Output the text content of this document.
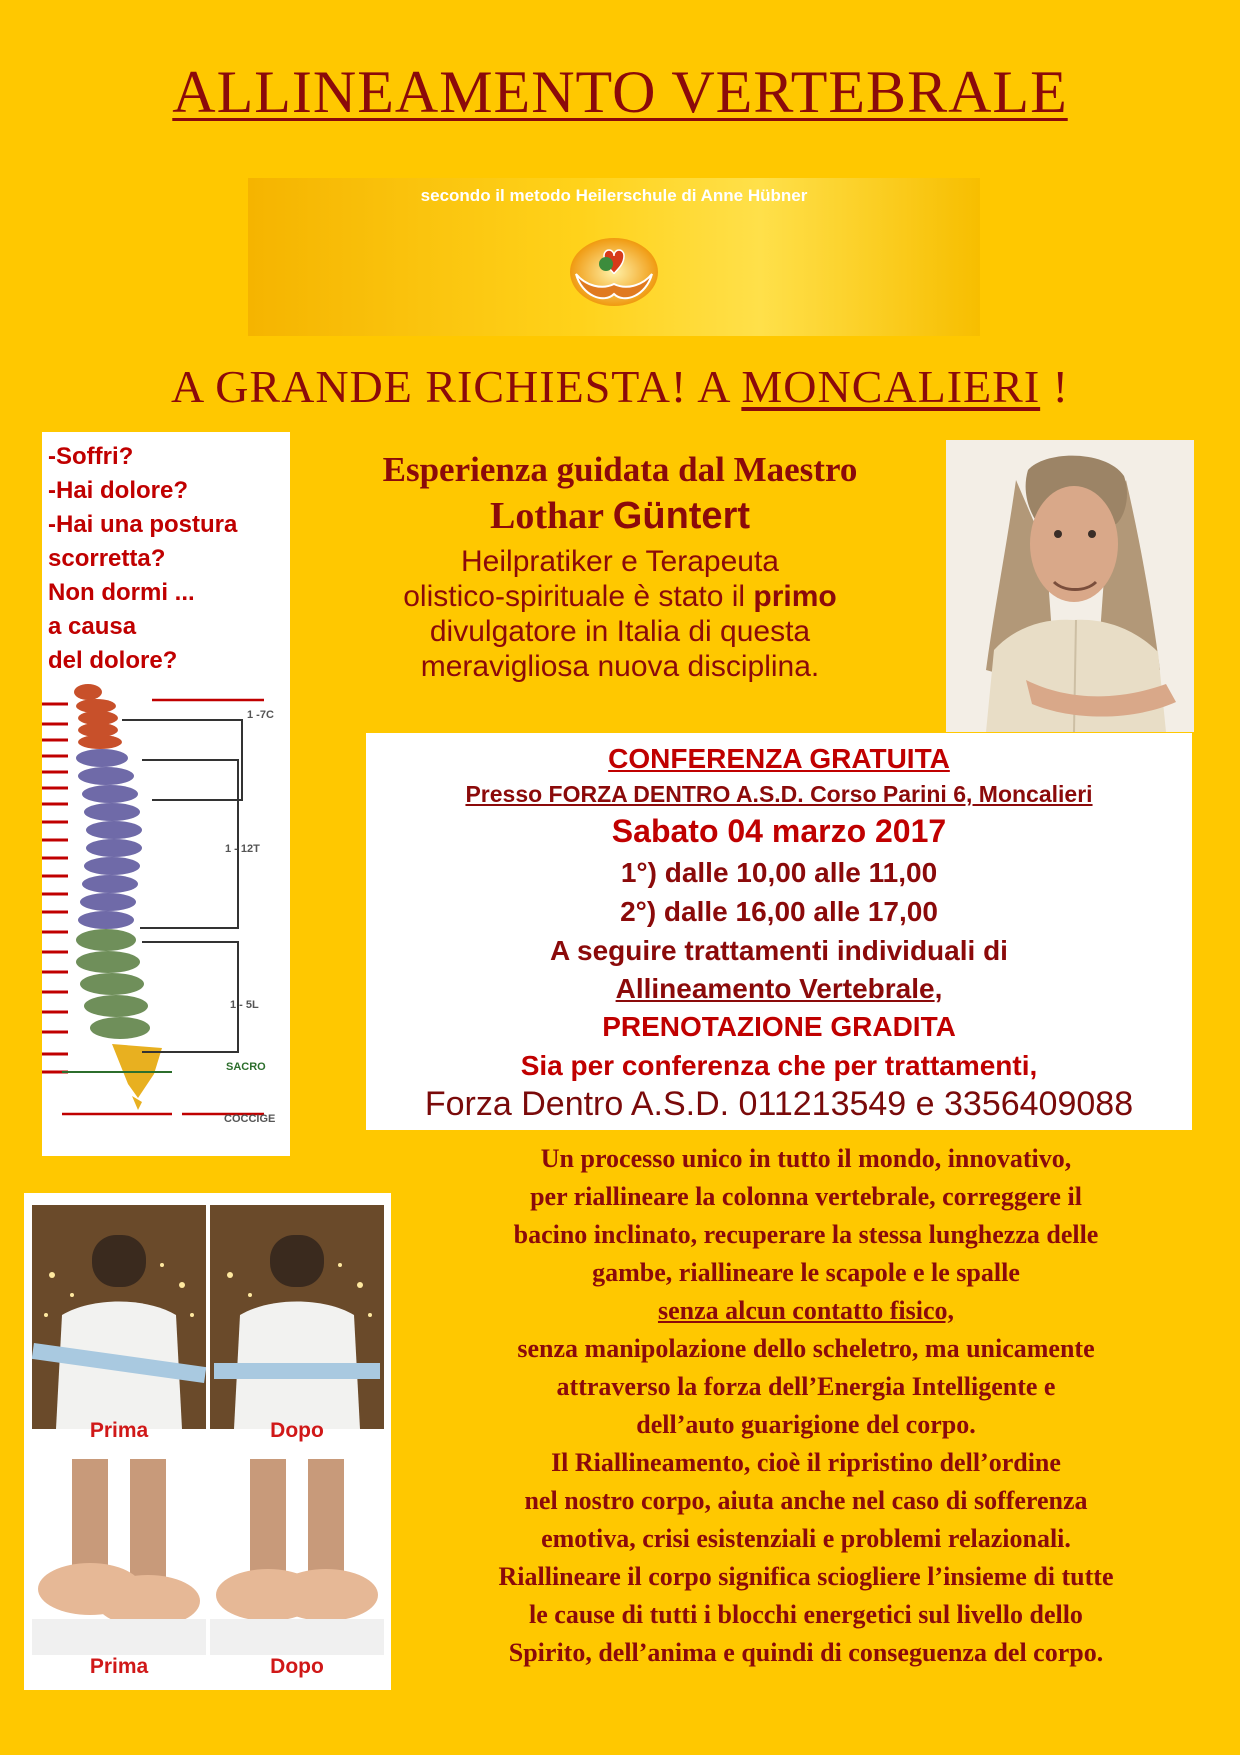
ALLINEAMENTO VERTEBRALE
secondo il metodo Heilerschule di Anne Hübner
A GRANDE RICHIESTA! A MONCALIERI !
-Soffri?
-Hai dolore?
-Hai una postura
scorretta?
Non dormi ...
a causa
del dolore?
1 -7C
1 - 12T
1 - 5L
SACRO
COCCIGE
Esperienza guidata dal Maestro
Lothar Güntert
Heilpratiker e Terapeuta
olistico-spirituale è stato il primo
divulgatore in Italia di questa
meravigliosa nuova disciplina.
CONFERENZA GRATUITA
Presso FORZA DENTRO A.S.D. Corso Parini 6, Moncalieri
Sabato 04 marzo 2017
1°) dalle 10,00 alle 11,00
2°) dalle 16,00 alle 17,00
A seguire trattamenti individuali di
Allineamento Vertebrale,
PRENOTAZIONE GRADITA
Sia per conferenza che per trattamenti,
Forza Dentro A.S.D. 011213549 e 3356409088
Prima	Dopo
Prima	Dopo
Un processo unico in tutto il mondo, innovativo,
per riallineare la colonna vertebrale, correggere il
bacino inclinato, recuperare la stessa lunghezza delle
gambe, riallineare le scapole e le spalle
senza alcun contatto fisico,
senza manipolazione dello scheletro, ma unicamente
attraverso la forza dell’Energia Intelligente e
dell’auto guarigione del corpo.
Il Riallineamento, cioè il ripristino dell’ordine
nel nostro corpo, aiuta anche nel caso di sofferenza
emotiva, crisi esistenziali e problemi relazionali.
Riallineare il corpo significa sciogliere l’insieme di tutte
le cause di tutti i blocchi energetici sul livello dello
Spirito, dell’anima e quindi di conseguenza del corpo.
